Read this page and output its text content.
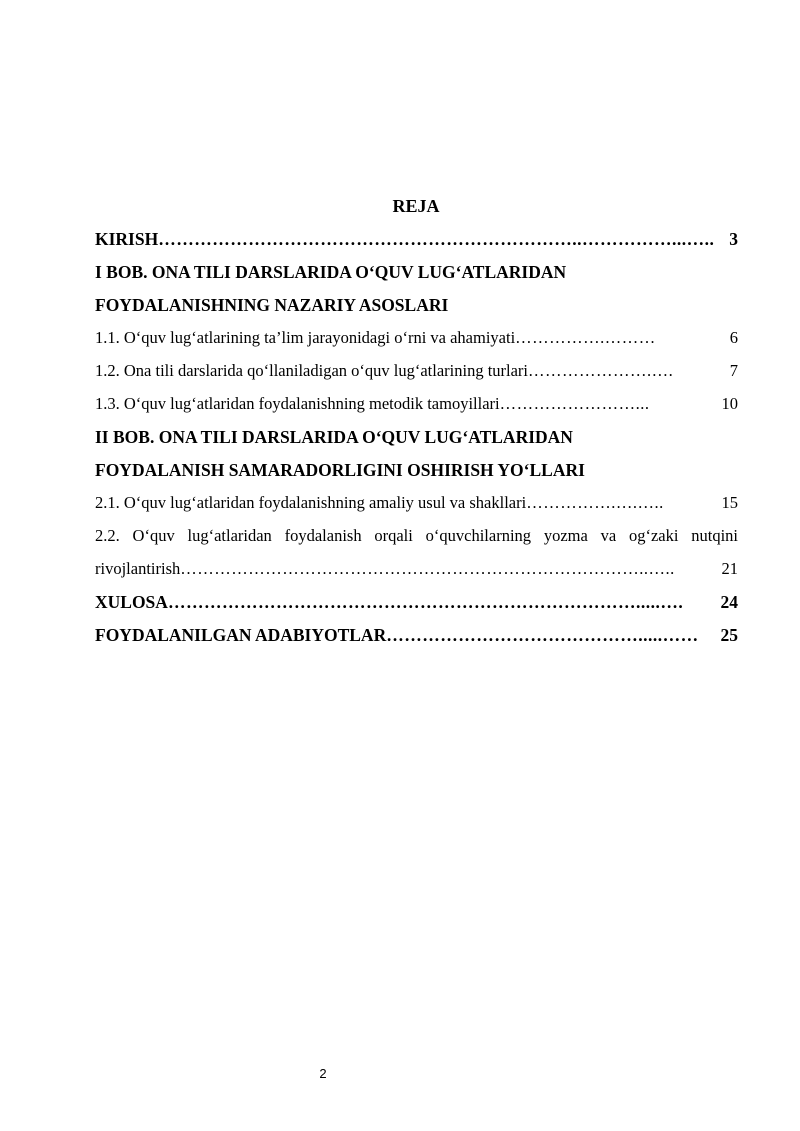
REJA
KIRISH ……………………………………………………………..……………...….. 3
I BOB. ONA TILI DARSLARIDA O‘QUV LUG‘ATLARIDAN
FOYDALANISHNING NAZARIY ASOSLARI
1.1. O‘quv lug‘atlarining ta’lim jarayonidagi o‘rni va ahamiyati …………….………	6
1.2. Ona tili darslarida qo‘llaniladigan o‘quv lug‘atlarining turlari ………………….….	7
1.3. O‘quv lug‘atlaridan foydalanishning metodik tamoyillari ……………………...	10
II BOB. ONA TILI DARSLARIDA O‘QUV LUG‘ATLARIDAN
FOYDALANISH SAMARADORLIGINI OSHIRISH YO‘LLARI
2.1. O‘quv lug‘atlaridan foydalanishning amaliy usul va shakllari …………….….…..	15
2.2. O‘quv lug‘atlaridan foydalanish orqali o‘quvchilarning yozma va og‘zaki nutqini
rivojlantirish ………………………………………………………………………..…..	21
XULOSA …………………………………………………………………….....….	24
FOYDALANILGAN ADABIYOTLAR …………………………………….....……	25
2
